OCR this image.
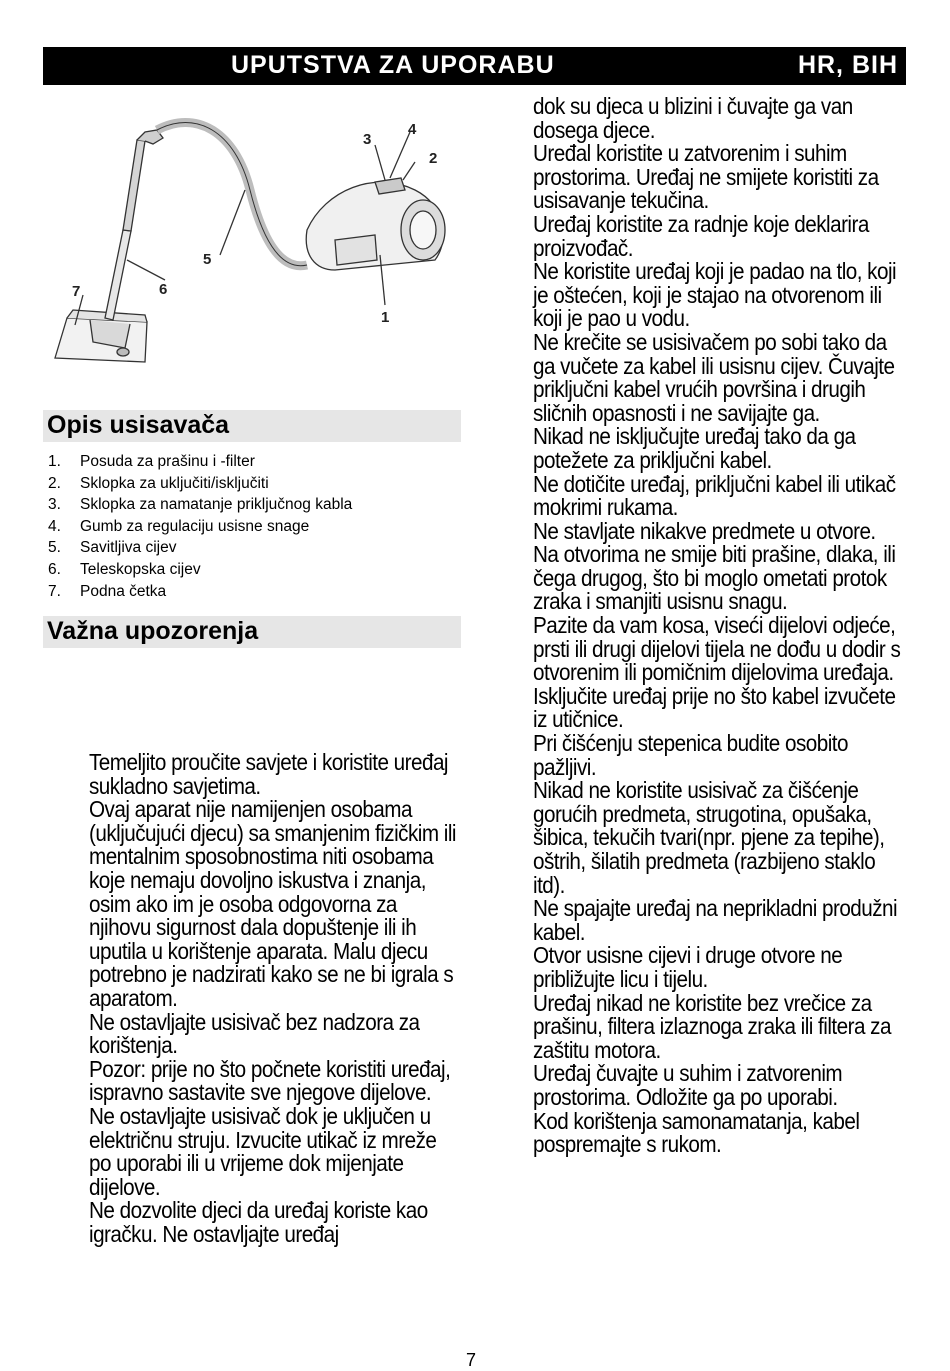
UPUTSTVA ZA UPORABU	HR, BIH
1
2
3
4
5
6
7
Opis usisavača
1. Posuda za prašinu i -filter
2. Sklopka za uključiti/isključiti
3. Sklopka za namatanje priključnog kabla
4. Gumb za regulaciju usisne snage
5. Savitljiva cijev
6. Teleskopska cijev
7. Podna četka
Važna upozorenja

Temeljito proučite savjete i koristite uređaj sukladno savjetima.

Ovaj aparat nije namijenjen osobama (uključujući djecu) sa smanjenim fizičkim ili mentalnim sposobnostima niti osobama koje nemaju dovoljno iskustva i znanja, osim ako im je osoba odgovorna za njihovu sigurnost dala dopuštenje ili ih uputila u korištenje aparata. Malu djecu potrebno je nadzirati kako se ne bi igrala s aparatom.

Ne ostavljajte usisivač bez nadzora za korištenja.

Pozor: prije no što počnete koristiti uređaj, ispravno sastavite sve njegove dijelove.

Ne ostavljajte usisivač dok je uključen u električnu struju. Izvucite utikač iz mreže po uporabi ili u vrijeme dok mijenjate dijelove.

Ne dozvolite djeci da uređaj koriste kao igračku. Ne ostavljajte uređaj

dok su djeca u blizini i čuvajte ga van dosega djece.

Uređal koristite u zatvorenim i suhim prostorima. Uređaj ne smijete koristiti za usisavanje tekučina.

Uređaj koristite za radnje koje deklarira proizvođač.

Ne koristite uređaj koji je padao na tlo, koji je oštećen, koji je stajao na otvorenom ili koji je pao u vodu.

Ne krečite se usisivačem po sobi tako da ga vučete za kabel ili usisnu cijev. Čuvajte priključni kabel vrućih površina i drugih sličnih opasnosti i ne savijajte ga.

Nikad ne isključujte uređaj tako da ga potežete za priključni kabel.

Ne dotičite uređaj, priključni kabel ili utikač mokrimi rukama.

Ne stavljate nikakve predmete u otvore.

Na otvorima ne smije biti prašine, dlaka, ili čega drugog, što bi moglo ometati protok zraka i smanjiti usisnu snagu.

Pazite da vam kosa, viseći dijelovi odjeće, prsti ili drugi dijelovi tijela ne dođu u dodir s otvorenim ili pomičnim dijelovima uređaja.

Isključite uređaj prije no što kabel izvučete iz utičnice.

Pri čišćenju stepenica budite osobito pažljivi.

Nikad ne koristite usisivač za čišćenje gorućih predmeta, strugotina, opušaka, šibica, tekučih tvari(npr. pjene za tepihe), oštrih, šilatih predmeta (razbijeno staklo itd).

Ne spajajte uređaj na neprikladni produžni kabel.

Otvor usisne cijevi i druge otvore ne približujte licu i tijelu.

Uređaj nikad ne koristite bez vrečice za prašinu, filtera izlaznoga zraka ili filtera za zaštitu motora.

Uređaj čuvajte u suhim i zatvorenim prostorima. Odložite ga po uporabi.

Kod korištenja samonamatanja, kabel pospremajte s rukom.

7
